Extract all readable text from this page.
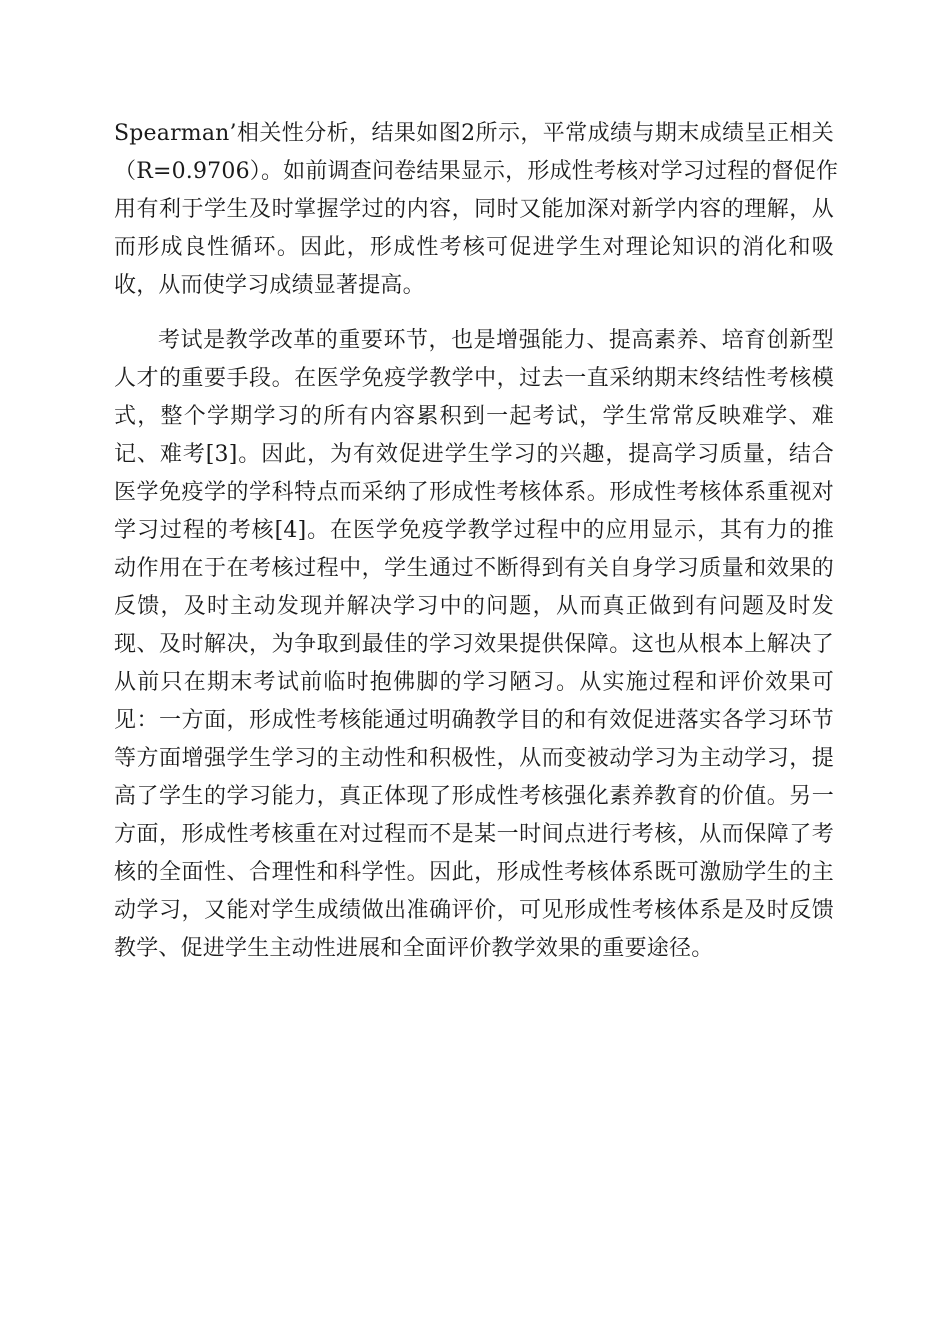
Spearman’相关性分析，结果如图2所示，平常成绩与期末成绩呈正相关
（R=0.9706）。如前调查问卷结果显示，形成性考核对学习过程的督促作
用有利于学生及时掌握学过的内容，同时又能加深对新学内容的理解，从
而形成良性循环。因此，形成性考核可促进学生对理论知识的消化和吸
收，从而使学习成绩显著提高。
考试是教学改革的重要环节，也是增强能力、提高素养、培育创新型
人才的重要手段。在医学免疫学教学中，过去一直采纳期末终结性考核模
式，整个学期学习的所有内容累积到一起考试，学生常常反映难学、难
记、难考[3]。因此，为有效促进学生学习的兴趣，提高学习质量，结合
医学免疫学的学科特点而采纳了形成性考核体系。形成性考核体系重视对
学习过程的考核[4]。在医学免疫学教学过程中的应用显示，其有力的推
动作用在于在考核过程中，学生通过不断得到有关自身学习质量和效果的
反馈，及时主动发现并解决学习中的问题，从而真正做到有问题及时发
现、及时解决，为争取到最佳的学习效果提供保障。这也从根本上解决了
从前只在期末考试前临时抱佛脚的学习陋习。从实施过程和评价效果可
见：一方面，形成性考核能通过明确教学目的和有效促进落实各学习环节
等方面增强学生学习的主动性和积极性，从而变被动学习为主动学习，提
高了学生的学习能力，真正体现了形成性考核强化素养教育的价值。另一
方面，形成性考核重在对过程而不是某一时间点进行考核，从而保障了考
核的全面性、合理性和科学性。因此，形成性考核体系既可激励学生的主
动学习，又能对学生成绩做出准确评价，可见形成性考核体系是及时反馈
教学、促进学生主动性进展和全面评价教学效果的重要途径。
